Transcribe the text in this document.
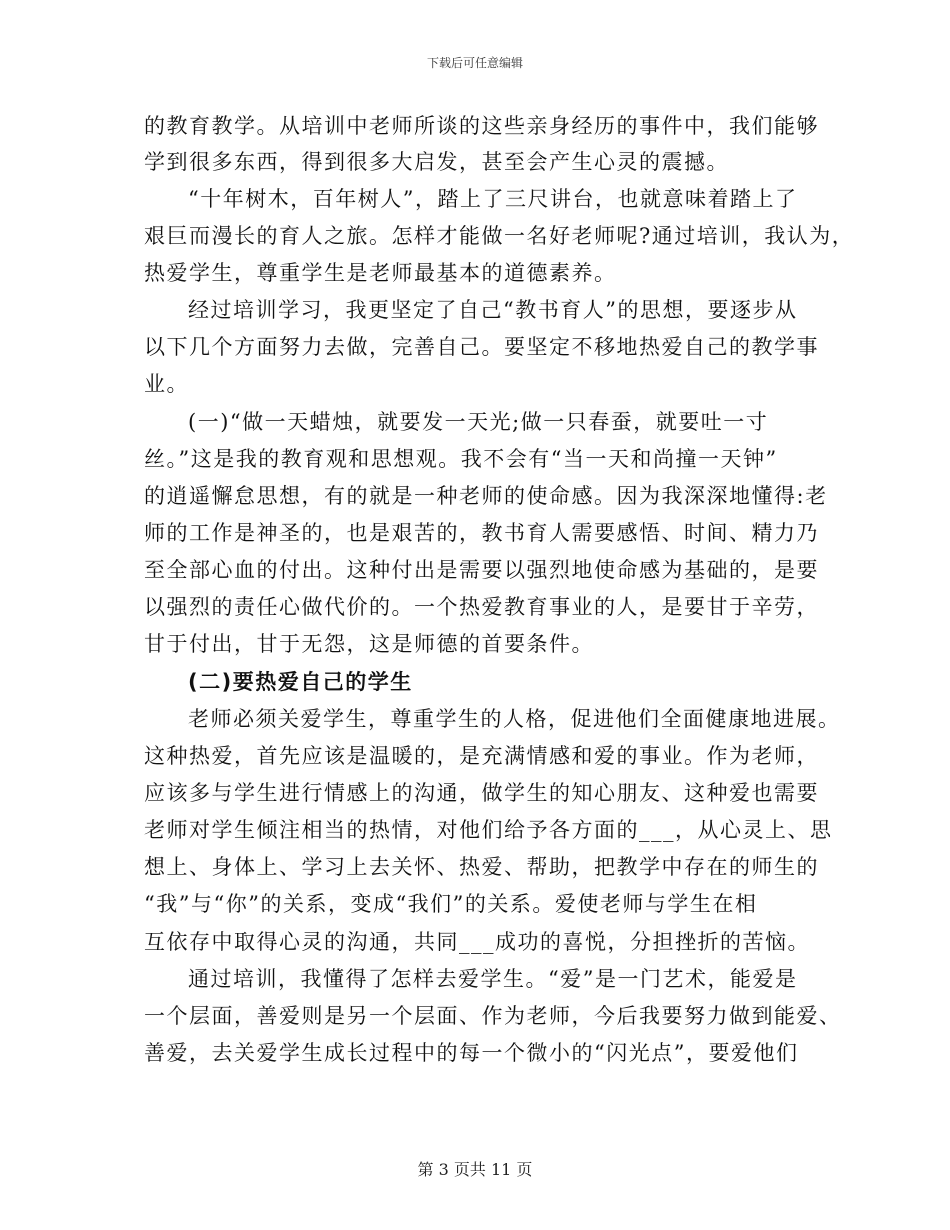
下载后可任意编辑
的教育教学。从培训中老师所谈的这些亲身经历的事件中，我们能够
学到很多东西，得到很多大启发，甚至会产生心灵的震撼。
“十年树木，百年树人”，踏上了三尺讲台，也就意味着踏上了
艰巨而漫长的育人之旅。怎样才能做一名好老师呢?通过培训，我认为，
热爱学生，尊重学生是老师最基本的道德素养。
经过培训学习，我更坚定了自己“教书育人”的思想，要逐步从
以下几个方面努力去做，完善自己。要坚定不移地热爱自己的教学事
业。
(一)“做一天蜡烛，就要发一天光;做一只春蚕，就要吐一寸
丝。”这是我的教育观和思想观。我不会有“当一天和尚撞一天钟”
的逍遥懈怠思想，有的就是一种老师的使命感。因为我深深地懂得:老
师的工作是神圣的，也是艰苦的，教书育人需要感悟、时间、精力乃
至全部心血的付出。这种付出是需要以强烈地使命感为基础的，是要
以强烈的责任心做代价的。一个热爱教育事业的人，是要甘于辛劳，
甘于付出，甘于无怨，这是师德的首要条件。
(二)要热爱自己的学生
老师必须关爱学生，尊重学生的人格，促进他们全面健康地进展。
这种热爱，首先应该是温暖的，是充满情感和爱的事业。作为老师，
应该多与学生进行情感上的沟通，做学生的知心朋友、这种爱也需要
老师对学生倾注相当的热情，对他们给予各方面的___，从心灵上、思
想上、身体上、学习上去关怀、热爱、帮助，把教学中存在的师生的
“我”与“你”的关系，变成“我们”的关系。爱使老师与学生在相
互依存中取得心灵的沟通，共同___成功的喜悦，分担挫折的苦恼。
通过培训，我懂得了怎样去爱学生。“爱”是一门艺术，能爱是
一个层面，善爱则是另一个层面、作为老师，今后我要努力做到能爱、
善爱，去关爱学生成长过程中的每一个微小的“闪光点”，要爱他们
第 3 页共 11 页
